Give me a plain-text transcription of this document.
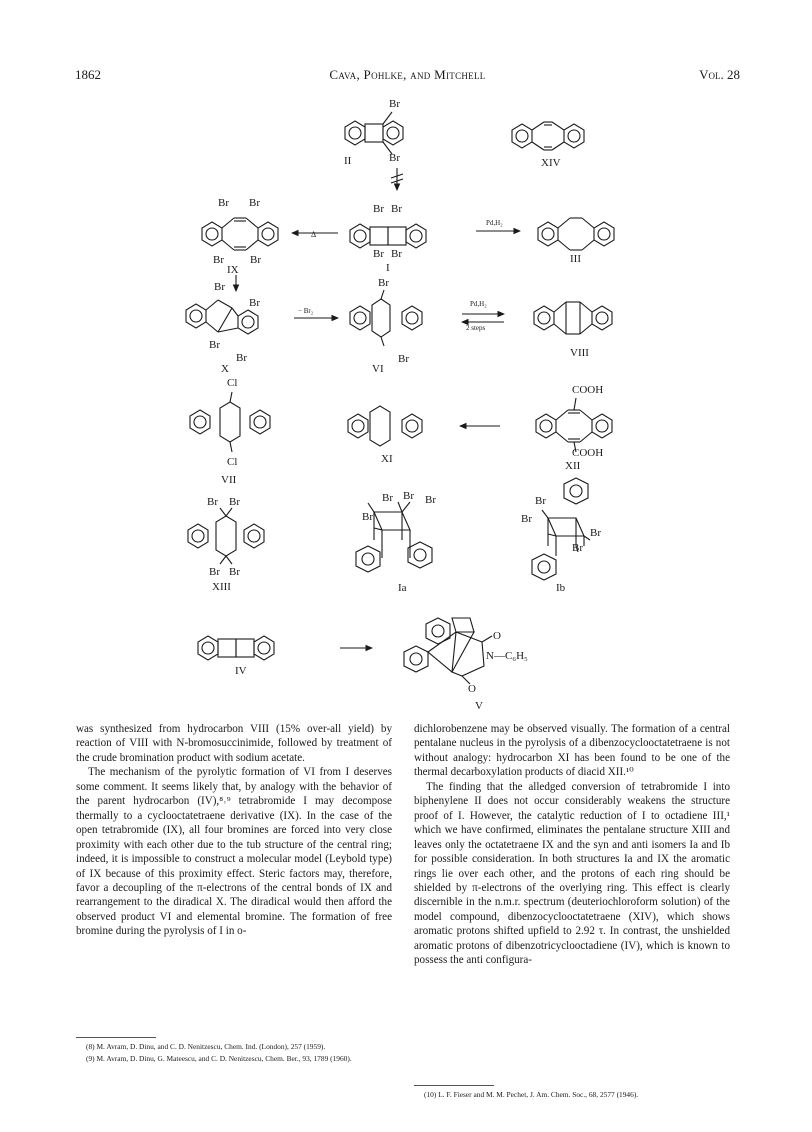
1862	Cava, Pohlke, and Mitchell	Vol. 28
Br
Br
II	XIV
Br Br
Br Br
IX
Δ
Br Br
Br Br
I
Pd,H₂
III
Br
Br
Br
Br
X
− Br₂
Br
Br
VI
Pd,H₂
2 steps
VIII
Cl
Cl
VII
XI
COOH
COOH
XII
Br Br
Br Br
XIII
Br Br Br
Br
Ia
Br
Br
Br
Br
Ib
IV
O
N—C₆H₅
O
V

was synthesized from hydrocarbon VIII (15% over-all yield) by reaction of VIII with N-bromosuccinimide, followed by treatment of the crude bromination product with sodium acetate.

The mechanism of the pyrolytic formation of VI from I deserves some comment. It seems likely that, by analogy with the behavior of the parent hydrocarbon (IV),⁸˒⁹ tetrabromide I may decompose thermally to a cyclooctatetraene derivative (IX). In the case of the open tetrabromide (IX), all four bromines are forced into very close proximity with each other due to the tub structure of the central ring; indeed, it is impossible to construct a molecular model (Leybold type) of IX because of this proximity effect. Steric factors may, therefore, favor a decoupling of the π-electrons of the central bonds of IX and rearrangement to the diradical X. The diradical would then afford the observed product VI and elemental bromine. The formation of free bromine during the pyrolysis of I in o-

dichlorobenzene may be observed visually. The formation of a central pentalane nucleus in the pyrolysis of a dibenzocyclooctatetraene is not without analogy: hydrocarbon XI has been found to be one of the thermal decarboxylation products of diacid XII.¹⁰

The finding that the alledged conversion of tetrabromide I into biphenylene II does not occur considerably weakens the structure proof of I. However, the catalytic reduction of I to octadiene III,¹ which we have confirmed, eliminates the pentalane structure XIII and leaves only the octatetraene IX and the syn and anti isomers Ia and Ib for possible consideration. In both structures Ia and IX the aromatic rings lie over each other, and the protons of each ring should be shielded by π-electrons of the overlying ring. This effect is clearly discernible in the n.m.r. spectrum (deuteriochloroform solution) of the model compound, dibenzocyclooctatetraene (XIV), which shows aromatic protons shifted upfield to 2.92 τ. In contrast, the unshielded aromatic protons of dibenzotricyclooctadiene (IV), which is known to possess the anti configura-

(8) M. Avram, D. Dinu, and C. D. Nenitzescu, Chem. Ind. (London), 257 (1959).

(9) M. Avram, D. Dinu, G. Mateescu, and C. D. Nenitzescu, Chem. Ber., 93, 1789 (1960).

(10) L. F. Fieser and M. M. Pechet, J. Am. Chem. Soc., 68, 2577 (1946).
